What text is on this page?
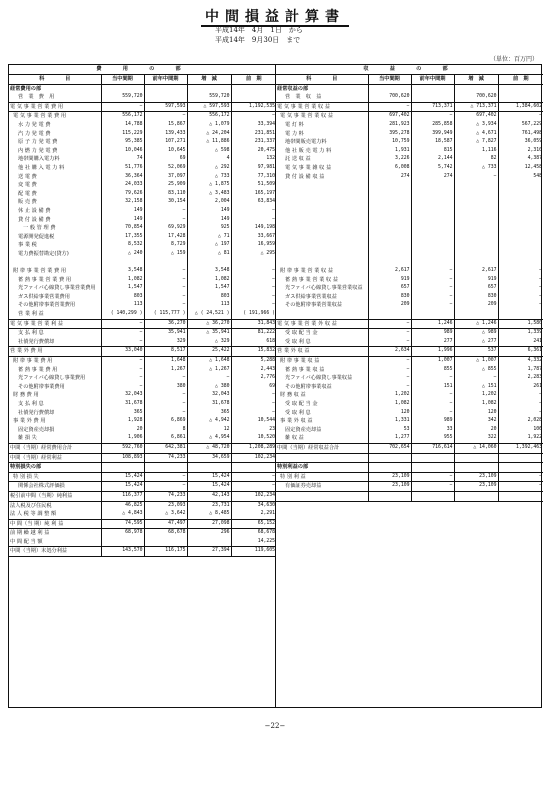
中間損益計算書
平成14年　4月　1日　から
平成14年　9月30日　まで
（単位：百万円）
費　用　の　部				
科　　　　目	当中間期	前年中間期	増　減	前　期
経常費用の部				
営　業　費　用	559,720		559,720	
電 気 事 業 営 業 費 用	−	597,593	△ 597,593	1,192,535
電 気 事 業 営 業 費 用	556,172	−	556,172	−
水 力 発 電 費	14,788	15,867	△ 1,079	33,394
汽 力 発 電 費	115,229	139,433	△ 24,204	231,851
原 子 力 発 電 費	95,385	107,271	△ 11,886	231,337
内 燃 力 発 電 費	10,046	10,645	△ 598	20,475
地帯間購入電力料	74	69	4	132
他 社 購 入 電 力 料	51,776	52,069	△ 292	97,981
送 電 費	36,364	37,097	△ 733	77,310
変 電 費	24,033	25,909	△ 1,875	51,509
配 電 費	79,626	83,110	△ 3,483	165,197
販 売 費	32,158	30,154	2,004	63,834
休 止 設 備 費	149	−	149	−
貸 付 設 備 費	149	−	149	−
一 般 管 理 費	70,854	69,929	925	149,198
電源開発促進税	17,355	17,428	△ 71	33,667
事 業 税	8,532	8,729	△ 197	16,959
電力費振替勘定(貸方)	△ 240	△ 159	△ 81	△ 295

附 帯 事 業 営 業 費 用	3,548	−	3,548	−
蓄 熱 事 業 営 業 費 用	1,082	−	1,082	−
光ファイバ心線貸し事業営業費用	1,547	−	1,547	−
ガス供給事業営業費用	803	−	803	−
その他附帯事業営業費用	113	−	113	−
営 業 利 益	( 140,299 )	( 115,777 )	△ ( 24,521 )	( 191,966 )
電 気 事 業 営 業 利 益	−	36,270	△ 36,270	31,843
支 払 利 息	−	35,941	△ 35,941	81,222
社債発行費償却	−	329	△ 329	618
営 業 外 費 用	33,040	8,517	25,422	15,832
附 帯 事 業 費 用	−	1,648	△ 1,648	5,288
蓄 熱 事 業 費 用	−	1,267	△ 1,267	2,443
光ファイバ心線貸し事業費用	−	−	−	2,776
その他附帯事業費用	−	380	△ 380	69
財 務 費 用	32,043	−	32,043	−
支 払 利 息	31,678	−	31,678	−
社債発行費償却	365	−	365	−
事 業 外 費 用	1,928	6,869	△ 4,942	10,544
固定資産売却損	20	8	12	23
雑 損 失	1,906	6,861	△ 4,954	10,520
中間（当期）経常費用合計	592,760	642,381	△ 48,720	1,208,289
中間（当期）経常利益	108,893	74,233	34,659	102,234
特別損失の部				
特 別 損 失	15,424	−	15,424	−
関係会社株式評価損	15,424	−	15,424	−
税引前中間（当期）純利益	116,377	74,233	42,143	102,234
法人税及び住民税	46,825	23,093	23,731	34,630
法 人 税 等 調 整 額	△ 4,843	△ 3,642	△ 8,485	2,291
中 間（当 期）純 利 益	74,595	47,497	27,098	65,152
前 期 繰 越 利 益	68,978	68,678	296	68,678
中 間 配 当 額				14,225
中間（当期）末処分利益	143,570	116,175	27,394	119,605
収　益　の　部				
科　　　　目	当中間期	前年中間期	増　減	前　期
経常収益の部				
営　業　収　益	700,620		700,620	
電 気 事 業 営 業 収 益	−	713,371	△ 713,371	1,384,602
電 気 事 業 営 業 収 益	697,402	−	697,402	−
電 灯 料	281,923	285,858	△ 3,934	567,229
電 力 料	395,278	399,949	△ 4,671	761,498
地帯間販売電力料	10,759	18,587	△ 7,827	36,059
他 社 販 売 電 力 料	1,931	815	1,116	2,310
託 送 収 益	3,226	2,144	82	4,387
電 気 事 業 雑 収 益	6,008	5,742	△ 733	12,458
貸 付 設 備 収 益	274	274	−	548

附 帯 事 業 営 業 収 益	2,617	−	2,617	−
蓄 熱 事 業 営 業 収 益	919	−	919	−
光ファイバ心線貸し事業営業収益	657	−	657	−
ガス供給事業営業収益	830	−	830	−
その他附帯事業営業収益	209	−	209	−

電 気 事 業 営 業 外 収 益	−	1,246	△ 1,246	1,580
受 取 配 当 金	−	989	△ 989	1,339
受 取 利 息	−	277	△ 277	241
営 業 外 収 益	2,634	1,996	537	6,361
附 帯 事 業 収 益	−	1,007	△ 1,007	4,332
蓄 熱 事 業 収 益	−	855	△ 855	1,787
光ファイバ心線貸し事業収益	−	−	−	2,283
その他附帯事業収益	−	151	△ 151	261
財 務 収 益	1,202	−	1,202	−
受 取 配 当 金	1,082	−	1,082	−
受 取 利 息	120	−	120	−
事 業 外 収 益	1,331	989	342	2,028
固定資産売却益	53	33	20	106
雑 収 益	1,277	955	322	1,922
中間（当期）経常収益合計	702,654	716,614	△ 14,060	1,392,463

特別利益の部				
特 別 利 益	23,109	−	23,109	−
有価証券売却益	23,109	−	23,109	−

−22−
